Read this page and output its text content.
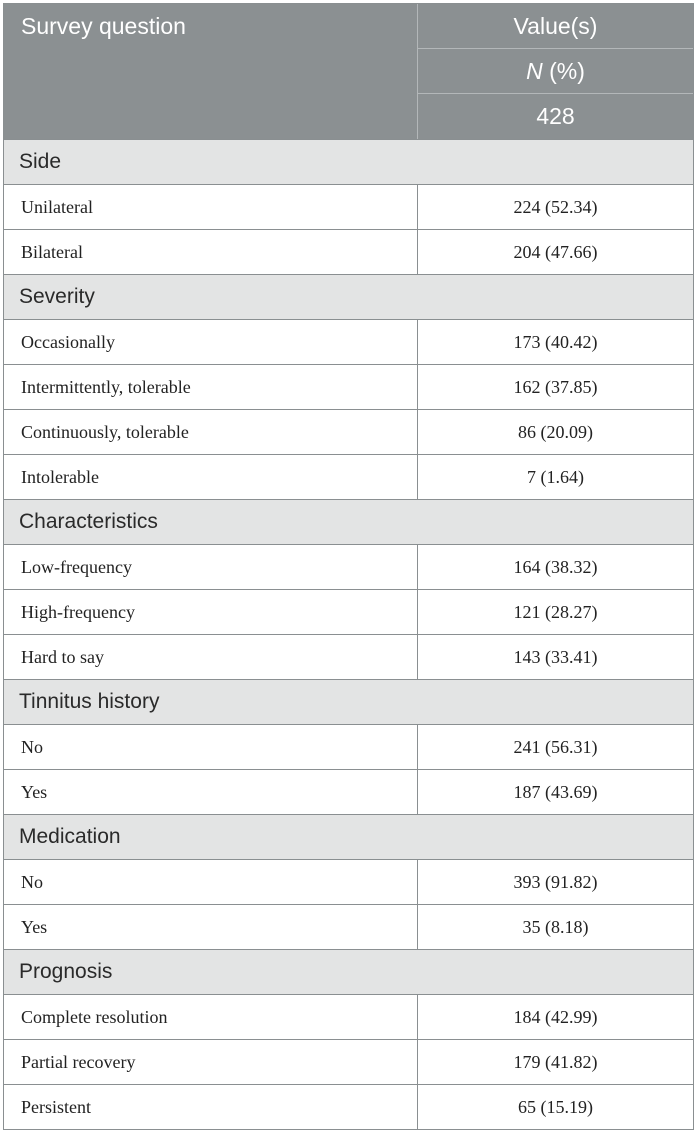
Survey question	Value(s)
N (%)
428
Side
Unilateral	224 (52.34)
Bilateral	204 (47.66)
Severity
Occasionally	173 (40.42)
Intermittently, tolerable	162 (37.85)
Continuously, tolerable	86 (20.09)
Intolerable	7 (1.64)
Characteristics
Low-frequency	164 (38.32)
High-frequency	121 (28.27)
Hard to say	143 (33.41)
Tinnitus history
No	241 (56.31)
Yes	187 (43.69)
Medication
No	393 (91.82)
Yes	35 (8.18)
Prognosis
Complete resolution	184 (42.99)
Partial recovery	179 (41.82)
Persistent	65 (15.19)
